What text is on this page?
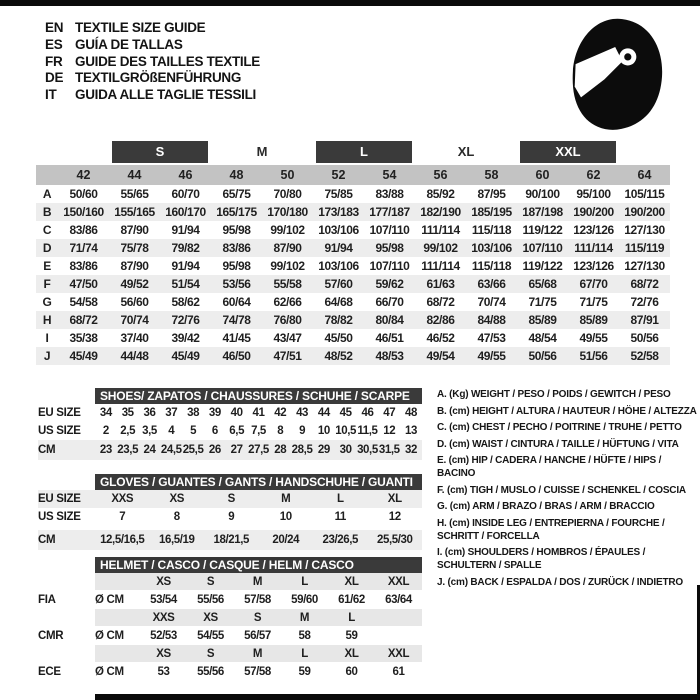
EN TEXTILE SIZE GUIDE
ES GUÍA DE TALLAS
FR GUIDE DES TAILLES TEXTILE
DE TEXTILGRÖßENFÜHRUNG
IT	GUIDA ALLE TAGLIE TESSILI
S	M	L	XL	XXL
42	44	46	48	50	52	54	56	58	60	62	64
A	50/60	55/65	60/70	65/75	70/80	75/85	83/88	85/92	87/95	90/100	95/100	105/115
B	150/160 155/165 160/170 165/175 170/180 173/183 177/187 182/190 185/195 187/198 190/200 190/200
C	83/86	87/90	91/94	95/98	99/102	103/106 107/110 111/114	115/118 119/122 123/126 127/130
D	71/74	75/78	79/82	83/86	87/90	91/94	95/98	99/102	103/106 107/110 111/114	115/119
E	83/86	87/90	91/94	95/98	99/102	103/106 107/110 111/114	115/118 119/122 123/126 127/130
F	47/50	49/52	51/54	53/56	55/58	57/60	59/62	61/63	63/66	65/68	67/70	68/72
G	54/58	56/60	58/62	60/64	62/66	64/68	66/70	68/72	70/74	71/75	71/75	72/76
H	68/72	70/74	72/76	74/78	76/80	78/82	80/84	82/86	84/88	85/89	85/89	87/91
I	35/38	37/40	39/42	41/45	43/47	45/50	46/51	46/52	47/53	48/54	49/55	50/56
J	45/49	44/48	45/49	46/50	47/51	48/52	48/53	49/54	49/55	50/56	51/56	52/58
SHOES/ ZAPATOS / CHAUSSURES / SCHUHE / SCARPE
EU SIZE	34 35 36 37 38 39 40 41 42 43 44 45 46 47 48
US SIZE	2 2,5 3,5 4	5	6 6,5 7,5 8	9	10 10,5 11,5 12 13
CM	23 23,5 24 24,5 25,5 26 27 27,5 28 28,5 29 30 30,5 31,5 32
GLOVES / GUANTES / GANTS / HANDSCHUHE / GUANTI
EU SIZE	XXS	XS	S	M	L	XL
US SIZE	7	8	9	10	11	12
CM	12,5/16,5	16,5/19	18/21,5	20/24	23/26,5	25,5/30
HELMET / CASCO / CASQUE / HELM / CASCO
XS	S	M	L	XL	XXL
FIA	Ø CM	53/54	55/56	57/58	59/60	61/62	63/64
XXS	XS	S	M	L
CMR	Ø CM	52/53	54/55	56/57	58	59
XS	S	M	L	XL	XXL
ECE	Ø CM	53	55/56	57/58	59	60	61
A. (Kg) WEIGHT / PESO / POIDS / GEWITCH / PESO
B. (cm) HEIGHT / ALTURA / HAUTEUR / HÖHE / ALTEZZA
C. (cm) CHEST / PECHO / POITRINE / TRUHE / PETTO
D. (cm) WAIST / CINTURA / TAILLE / HÜFTUNG / VITA
E. (cm) HIP / CADERA / HANCHE / HÜFTE / HIPS / BACINO
F. (cm) TIGH / MUSLO / CUISSE / SCHENKEL / COSCIA
G. (cm) ARM / BRAZO / BRAS / ARM / BRACCIO
H. (cm) INSIDE LEG / ENTREPIERNA / FOURCHE / SCHRITT / FORCELLA
I. (cm) SHOULDERS / HOMBROS / ÉPAULES / SCHULTERN / SPALLE
J. (cm) BACK / ESPALDA / DOS / ZURÜCK / INDIETRO
